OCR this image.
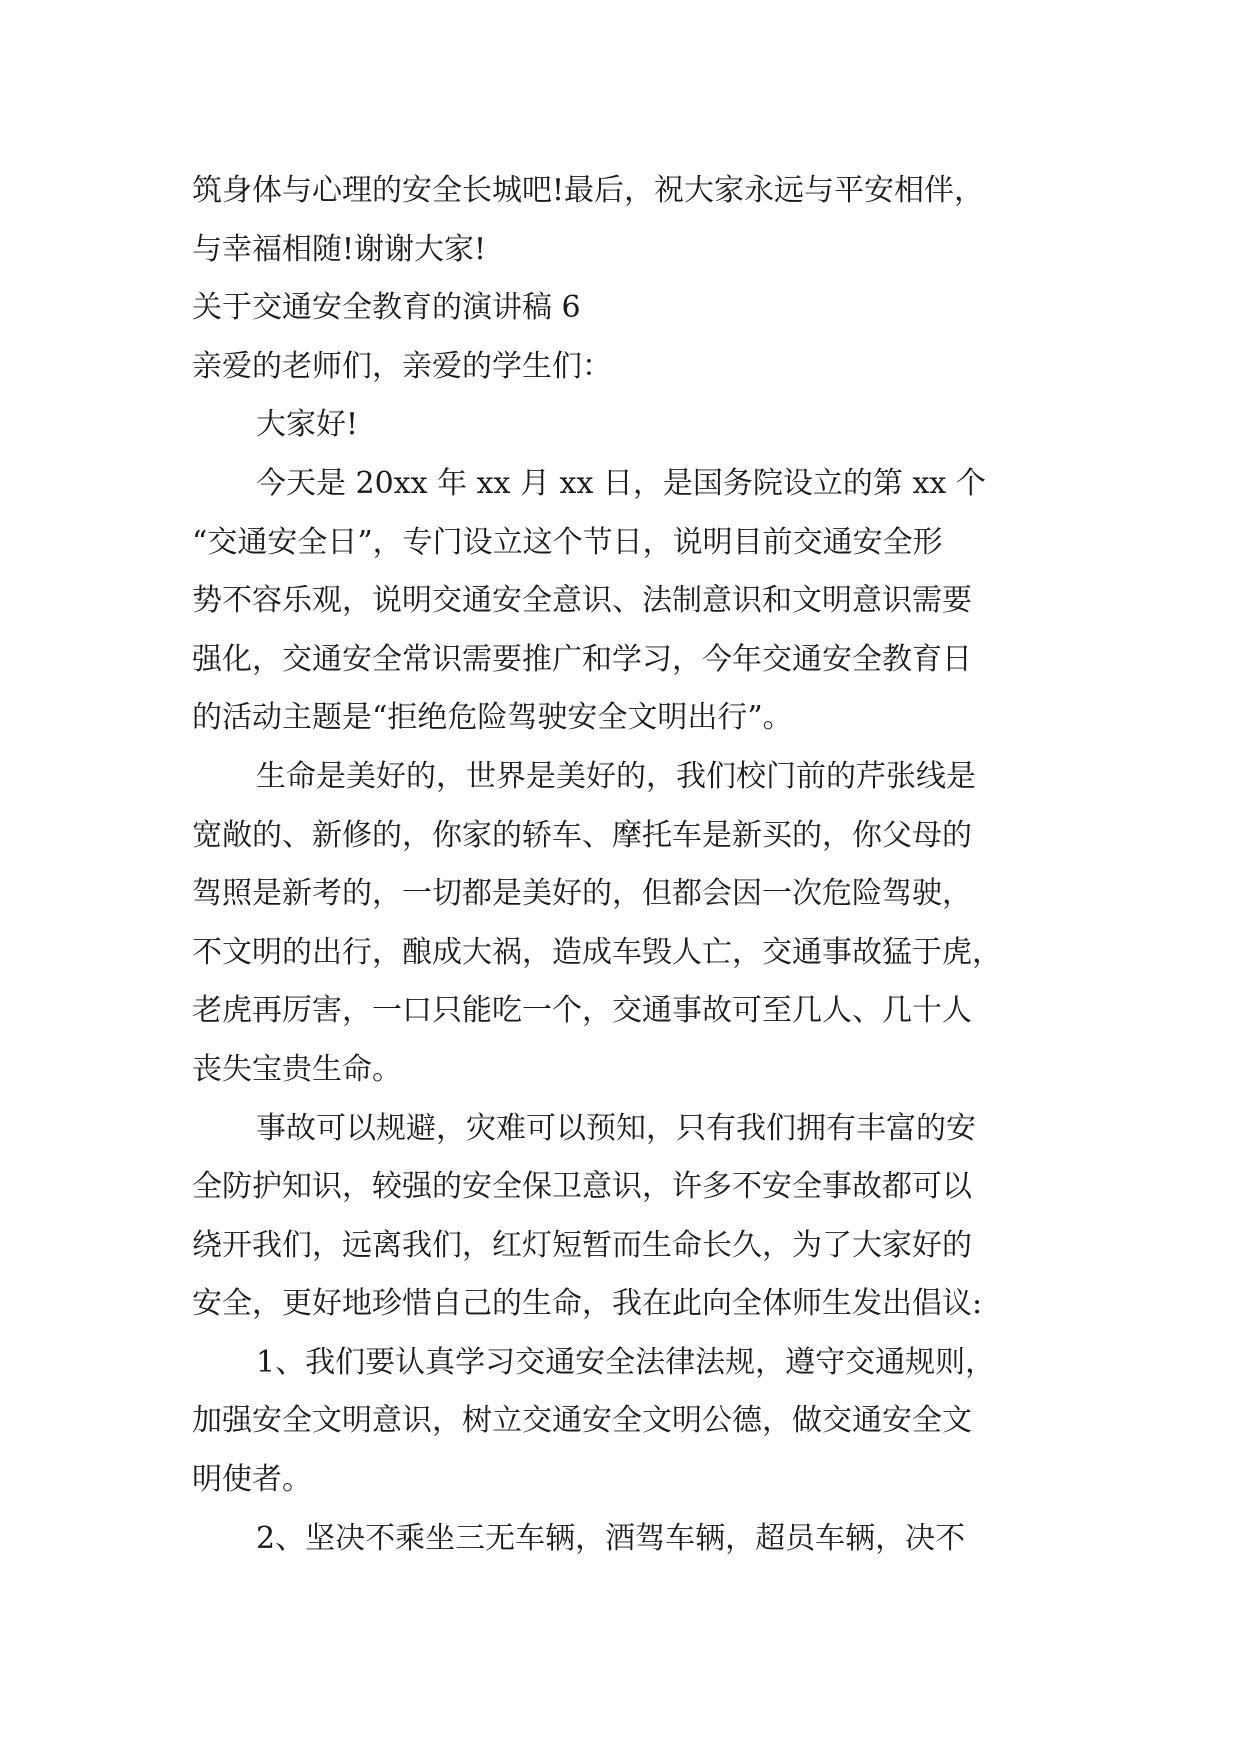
筑身体与心理的安全长城吧!最后，祝大家永远与平安相伴，
与幸福相随!谢谢大家!
关于交通安全教育的演讲稿 6
亲爱的老师们，亲爱的学生们：
大家好!
今天是 20xx 年 xx 月 xx 日，是国务院设立的第 xx 个
“交通安全日”，专门设立这个节日，说明目前交通安全形
势不容乐观，说明交通安全意识、法制意识和文明意识需要
强化，交通安全常识需要推广和学习，今年交通安全教育日
的活动主题是“拒绝危险驾驶安全文明出行”。
生命是美好的，世界是美好的，我们校门前的芹张线是
宽敞的、新修的，你家的轿车、摩托车是新买的，你父母的
驾照是新考的，一切都是美好的，但都会因一次危险驾驶，
不文明的出行，酿成大祸，造成车毁人亡，交通事故猛于虎，
老虎再厉害，一口只能吃一个，交通事故可至几人、几十人
丧失宝贵生命。
事故可以规避，灾难可以预知，只有我们拥有丰富的安
全防护知识，较强的安全保卫意识，许多不安全事故都可以
绕开我们，远离我们，红灯短暂而生命长久，为了大家好的
安全，更好地珍惜自己的生命，我在此向全体师生发出倡议:
1、我们要认真学习交通安全法律法规，遵守交通规则，
加强安全文明意识，树立交通安全文明公德，做交通安全文
明使者。
2、坚决不乘坐三无车辆，酒驾车辆，超员车辆，决不
